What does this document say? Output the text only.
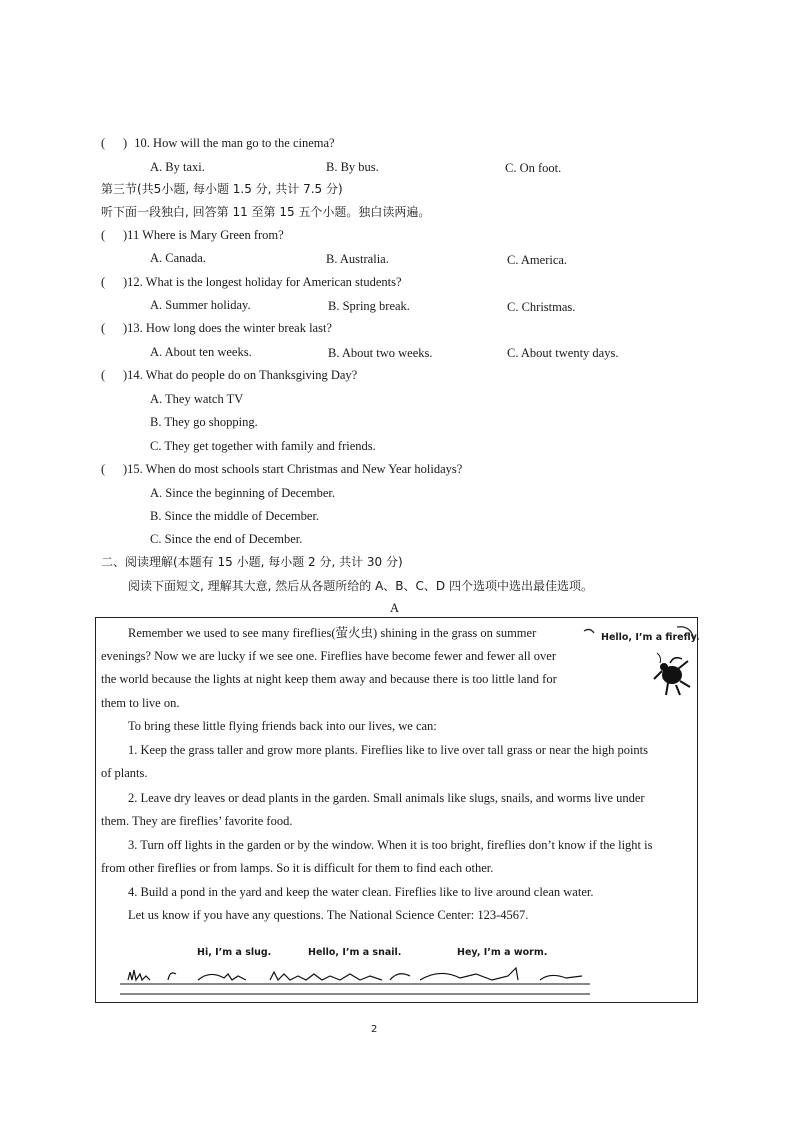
( ) 10. How will the man go to the cinema?
A. By taxi.	B. By bus.	C. On foot.
第三节(共5小题, 每小题 1.5 分, 共计 7.5 分)
听下面一段独白, 回答第 11 至第 15 五个小题。独白读两遍。
( )11 Where is Mary Green from?
A. Canada.	B. Australia.	C. America.
( )12. What is the longest holiday for American students?
A. Summer holiday.	B. Spring break.	C. Christmas.
( )13. How long does the winter break last?
A. About ten weeks.	B. About two weeks.	C. About twenty days.
( )14. What do people do on Thanksgiving Day?
A. They watch TV
B. They go shopping.
C. They get together with family and friends.
( )15. When do most schools start Christmas and New Year holidays?
A. Since the beginning of December.
B. Since the middle of December.
C. Since the end of December.
二、阅读理解(本题有 15 小题, 每小题 2 分, 共计 30 分)
阅读下面短文, 理解其大意, 然后从各题所给的 A、B、C、D 四个选项中选出最佳选项。
A
Remember we used to see many fireflies(萤火虫) shining in the grass on summer
evenings? Now we are lucky if we see one. Fireflies have become fewer and fewer all over
the world because the lights at night keep them away and because there is too little land for
them to live on.
To bring these little flying friends back into our lives, we can:
1. Keep the grass taller and grow more plants. Fireflies like to live over tall grass or near the high points
of plants.
2. Leave dry leaves or dead plants in the garden. Small animals like slugs, snails, and worms live under
them. They are fireflies’ favorite food.
3. Turn off lights in the garden or by the window. When it is too bright, fireflies don’t know if the light is
from other fireflies or from lamps. So it is difficult for them to find each other.
4. Build a pond in the yard and keep the water clean. Fireflies like to live around clean water.
Let us know if you have any questions. The National Science Center: 123-4567.
Hello, I’m a firefly.
Hi, I’m a slug.	Hello, I’m a snail.	Hey, I’m a worm.
2
